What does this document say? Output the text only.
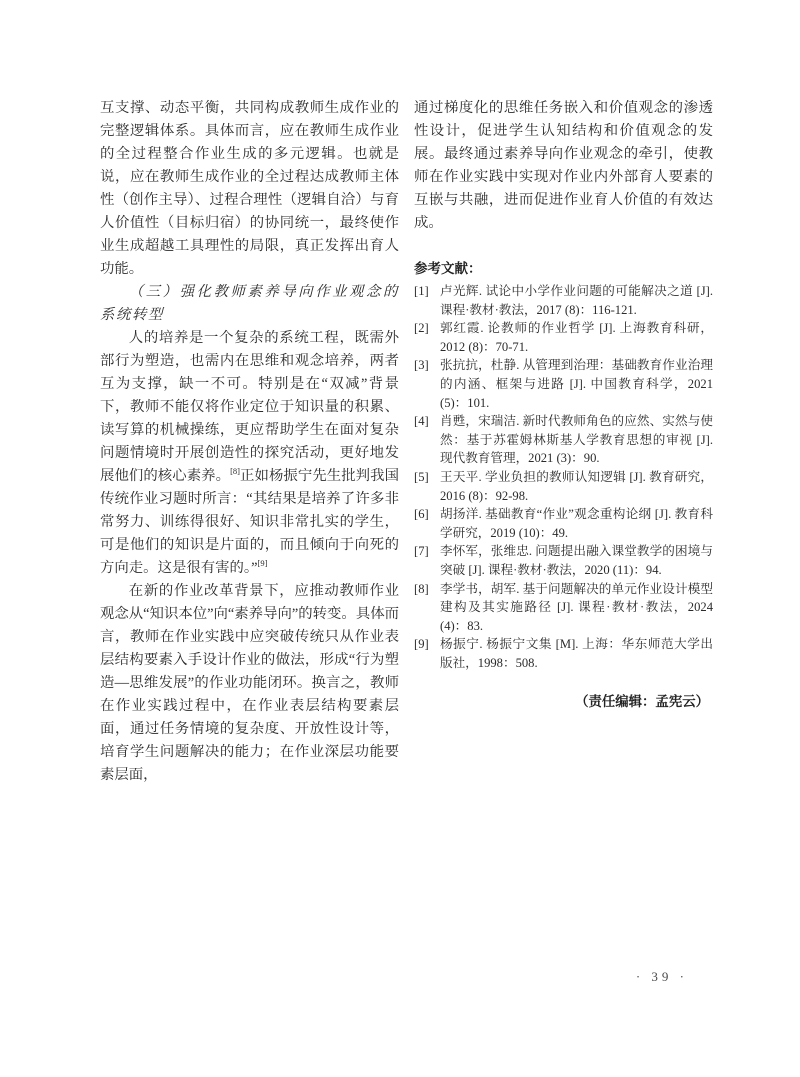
互支撑、动态平衡，共同构成教师生成作业的完整逻辑体系。具体而言，应在教师生成作业的全过程整合作业生成的多元逻辑。也就是说，应在教师生成作业的全过程达成教师主体性（创作主导）、过程合理性（逻辑自洽）与育人价值性（目标归宿）的协同统一，最终使作业生成超越工具理性的局限，真正发挥出育人功能。

（三）强化教师素养导向作业观念的系统转型

人的培养是一个复杂的系统工程，既需外部行为塑造，也需内在思维和观念培养，两者互为支撑，缺一不可。特别是在“双减”背景下，教师不能仅将作业定位于知识量的积累、读写算的机械操练，更应帮助学生在面对复杂问题情境时开展创造性的探究活动，更好地发展他们的核心素养。[8]正如杨振宁先生批判我国传统作业习题时所言：“其结果是培养了许多非常努力、训练得很好、知识非常扎实的学生，可是他们的知识是片面的，而且倾向于向死的方向走。这是很有害的。”[9]

在新的作业改革背景下，应推动教师作业观念从“知识本位”向“素养导向”的转变。具体而言，教师在作业实践中应突破传统只从作业表层结构要素入手设计作业的做法，形成“行为塑造—思维发展”的作业功能闭环。换言之，教师在作业实践过程中，在作业表层结构要素层面，通过任务情境的复杂度、开放性设计等，培育学生问题解决的能力；在作业深层功能要素层面，

通过梯度化的思维任务嵌入和价值观念的渗透性设计，促进学生认知结构和价值观念的发展。最终通过素养导向作业观念的牵引，使教师在作业实践中实现对作业内外部育人要素的互嵌与共融，进而促进作业育人价值的有效达成。

参考文献：
[1] 卢光辉. 试论中小学作业问题的可能解决之道 [J]. 课程·教材·教法，2017 (8)：116-121.
[2] 郭红霞. 论教师的作业哲学 [J]. 上海教育科研，2012 (8)：70-71.
[3] 张抗抗，杜静. 从管理到治理：基础教育作业治理的内涵、框架与进路 [J]. 中国教育科学，2021 (5)：101.
[4] 肖甦，宋瑞洁. 新时代教师角色的应然、实然与使然：基于苏霍姆林斯基人学教育思想的审视 [J]. 现代教育管理，2021 (3)：90.
[5] 王天平. 学业负担的教师认知逻辑 [J]. 教育研究，2016 (8)：92-98.
[6] 胡扬洋. 基础教育“作业”观念重构论纲 [J]. 教育科学研究，2019 (10)：49.
[7] 李怀军，张维忠. 问题提出融入课堂教学的困境与突破 [J]. 课程·教材·教法，2020 (11)：94.
[8] 李学书，胡军. 基于问题解决的单元作业设计模型建构及其实施路径 [J]. 课程·教材·教法，2024 (4)：83.
[9] 杨振宁. 杨振宁文集 [M]. 上海：华东师范大学出版社，1998：508.

（责任编辑：孟宪云）

· 39 ·
